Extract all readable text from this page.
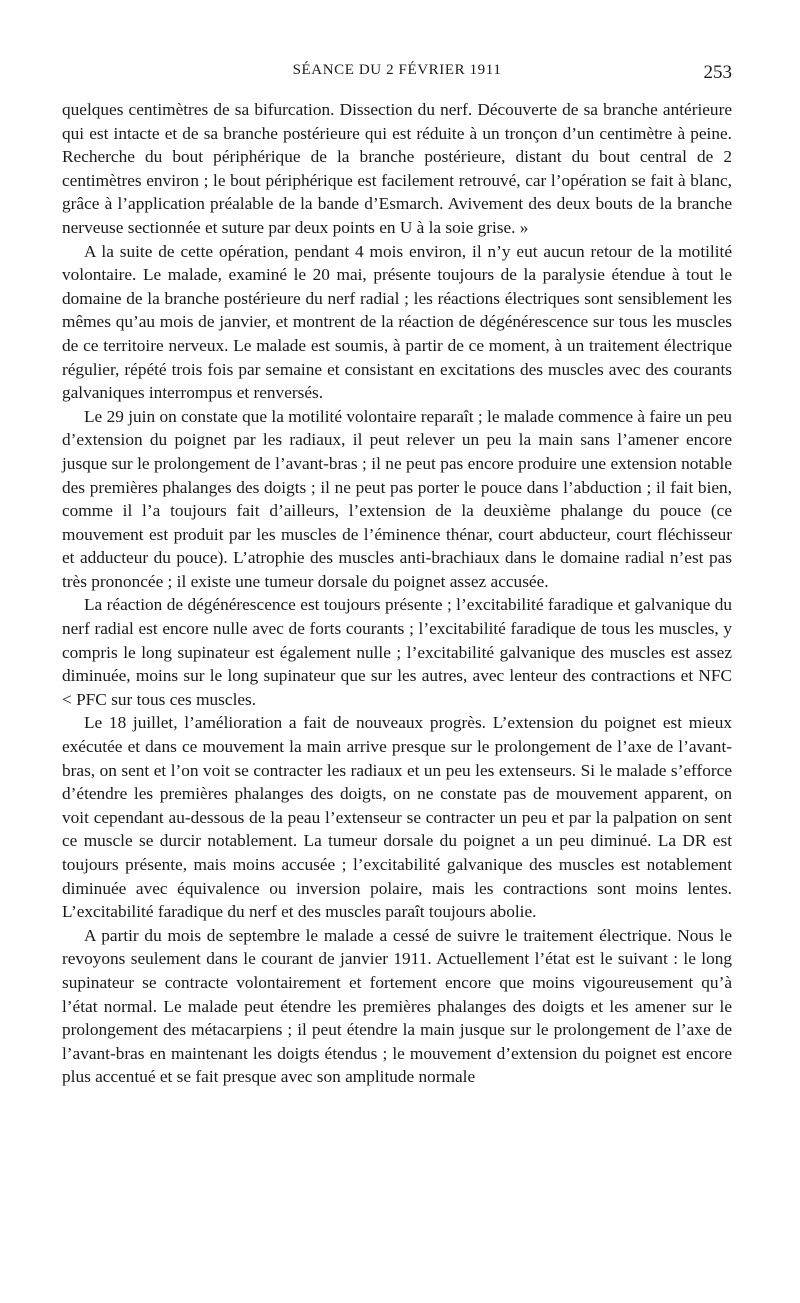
SÉANCE DU 2 FÉVRIER 1911	253

quelques centimètres de sa bifurcation. Dissection du nerf. Découverte de sa branche antérieure qui est intacte et de sa branche postérieure qui est réduite à un tronçon d’un centimètre à peine. Recherche du bout périphérique de la branche postérieure, distant du bout central de 2 centimètres environ ; le bout périphérique est facilement retrouvé, car l’opération se fait à blanc, grâce à l’application préalable de la bande d’Esmarch. Avivement des deux bouts de la branche nerveuse sectionnée et suture par deux points en U à la soie grise. »

A la suite de cette opération, pendant 4 mois environ, il n’y eut aucun retour de la motilité volontaire. Le malade, examiné le 20 mai, présente toujours de la paralysie étendue à tout le domaine de la branche postérieure du nerf radial ; les réactions électriques sont sensiblement les mêmes qu’au mois de janvier, et montrent de la réaction de dégénérescence sur tous les muscles de ce territoire nerveux. Le malade est soumis, à partir de ce moment, à un traitement électrique régulier, répété trois fois par semaine et consistant en excitations des muscles avec des courants galvaniques interrompus et renversés.

Le 29 juin on constate que la motilité volontaire reparaît ; le malade commence à faire un peu d’extension du poignet par les radiaux, il peut relever un peu la main sans l’amener encore jusque sur le prolongement de l’avant-bras ; il ne peut pas encore produire une extension notable des premières phalanges des doigts ; il ne peut pas porter le pouce dans l’abduction ; il fait bien, comme il l’a toujours fait d’ailleurs, l’extension de la deuxième phalange du pouce (ce mouvement est produit par les muscles de l’éminence thénar, court abducteur, court fléchisseur et adducteur du pouce). L’atrophie des muscles anti-brachiaux dans le domaine radial n’est pas très prononcée ; il existe une tumeur dorsale du poignet assez accusée.

La réaction de dégénérescence est toujours présente ; l’excitabilité faradique et galvanique du nerf radial est encore nulle avec de forts courants ; l’excitabilité faradique de tous les muscles, y compris le long supinateur est également nulle ; l’excitabilité galvanique des muscles est assez diminuée, moins sur le long supinateur que sur les autres, avec lenteur des contractions et NFC < PFC sur tous ces muscles.

Le 18 juillet, l’amélioration a fait de nouveaux progrès. L’extension du poignet est mieux exécutée et dans ce mouvement la main arrive presque sur le prolongement de l’axe de l’avant-bras, on sent et l’on voit se contracter les radiaux et un peu les extenseurs. Si le malade s’efforce d’étendre les premières phalanges des doigts, on ne constate pas de mouvement apparent, on voit cependant au-dessous de la peau l’extenseur se contracter un peu et par la palpation on sent ce muscle se durcir notablement. La tumeur dorsale du poignet a un peu diminué. La DR est toujours présente, mais moins accusée ; l’excitabilité galvanique des muscles est notablement diminuée avec équivalence ou inversion polaire, mais les contractions sont moins lentes. L’excitabilité faradique du nerf et des muscles paraît toujours abolie.

A partir du mois de septembre le malade a cessé de suivre le traitement électrique. Nous le revoyons seulement dans le courant de janvier 1911. Actuellement l’état est le suivant : le long supinateur se contracte volontairement et fortement encore que moins vigoureusement qu’à l’état normal. Le malade peut étendre les premières phalanges des doigts et les amener sur le prolongement des métacarpiens ; il peut étendre la main jusque sur le prolongement de l’axe de l’avant-bras en maintenant les doigts étendus ; le mouvement d’extension du poignet est encore plus accentué et se fait presque avec son amplitude normale
